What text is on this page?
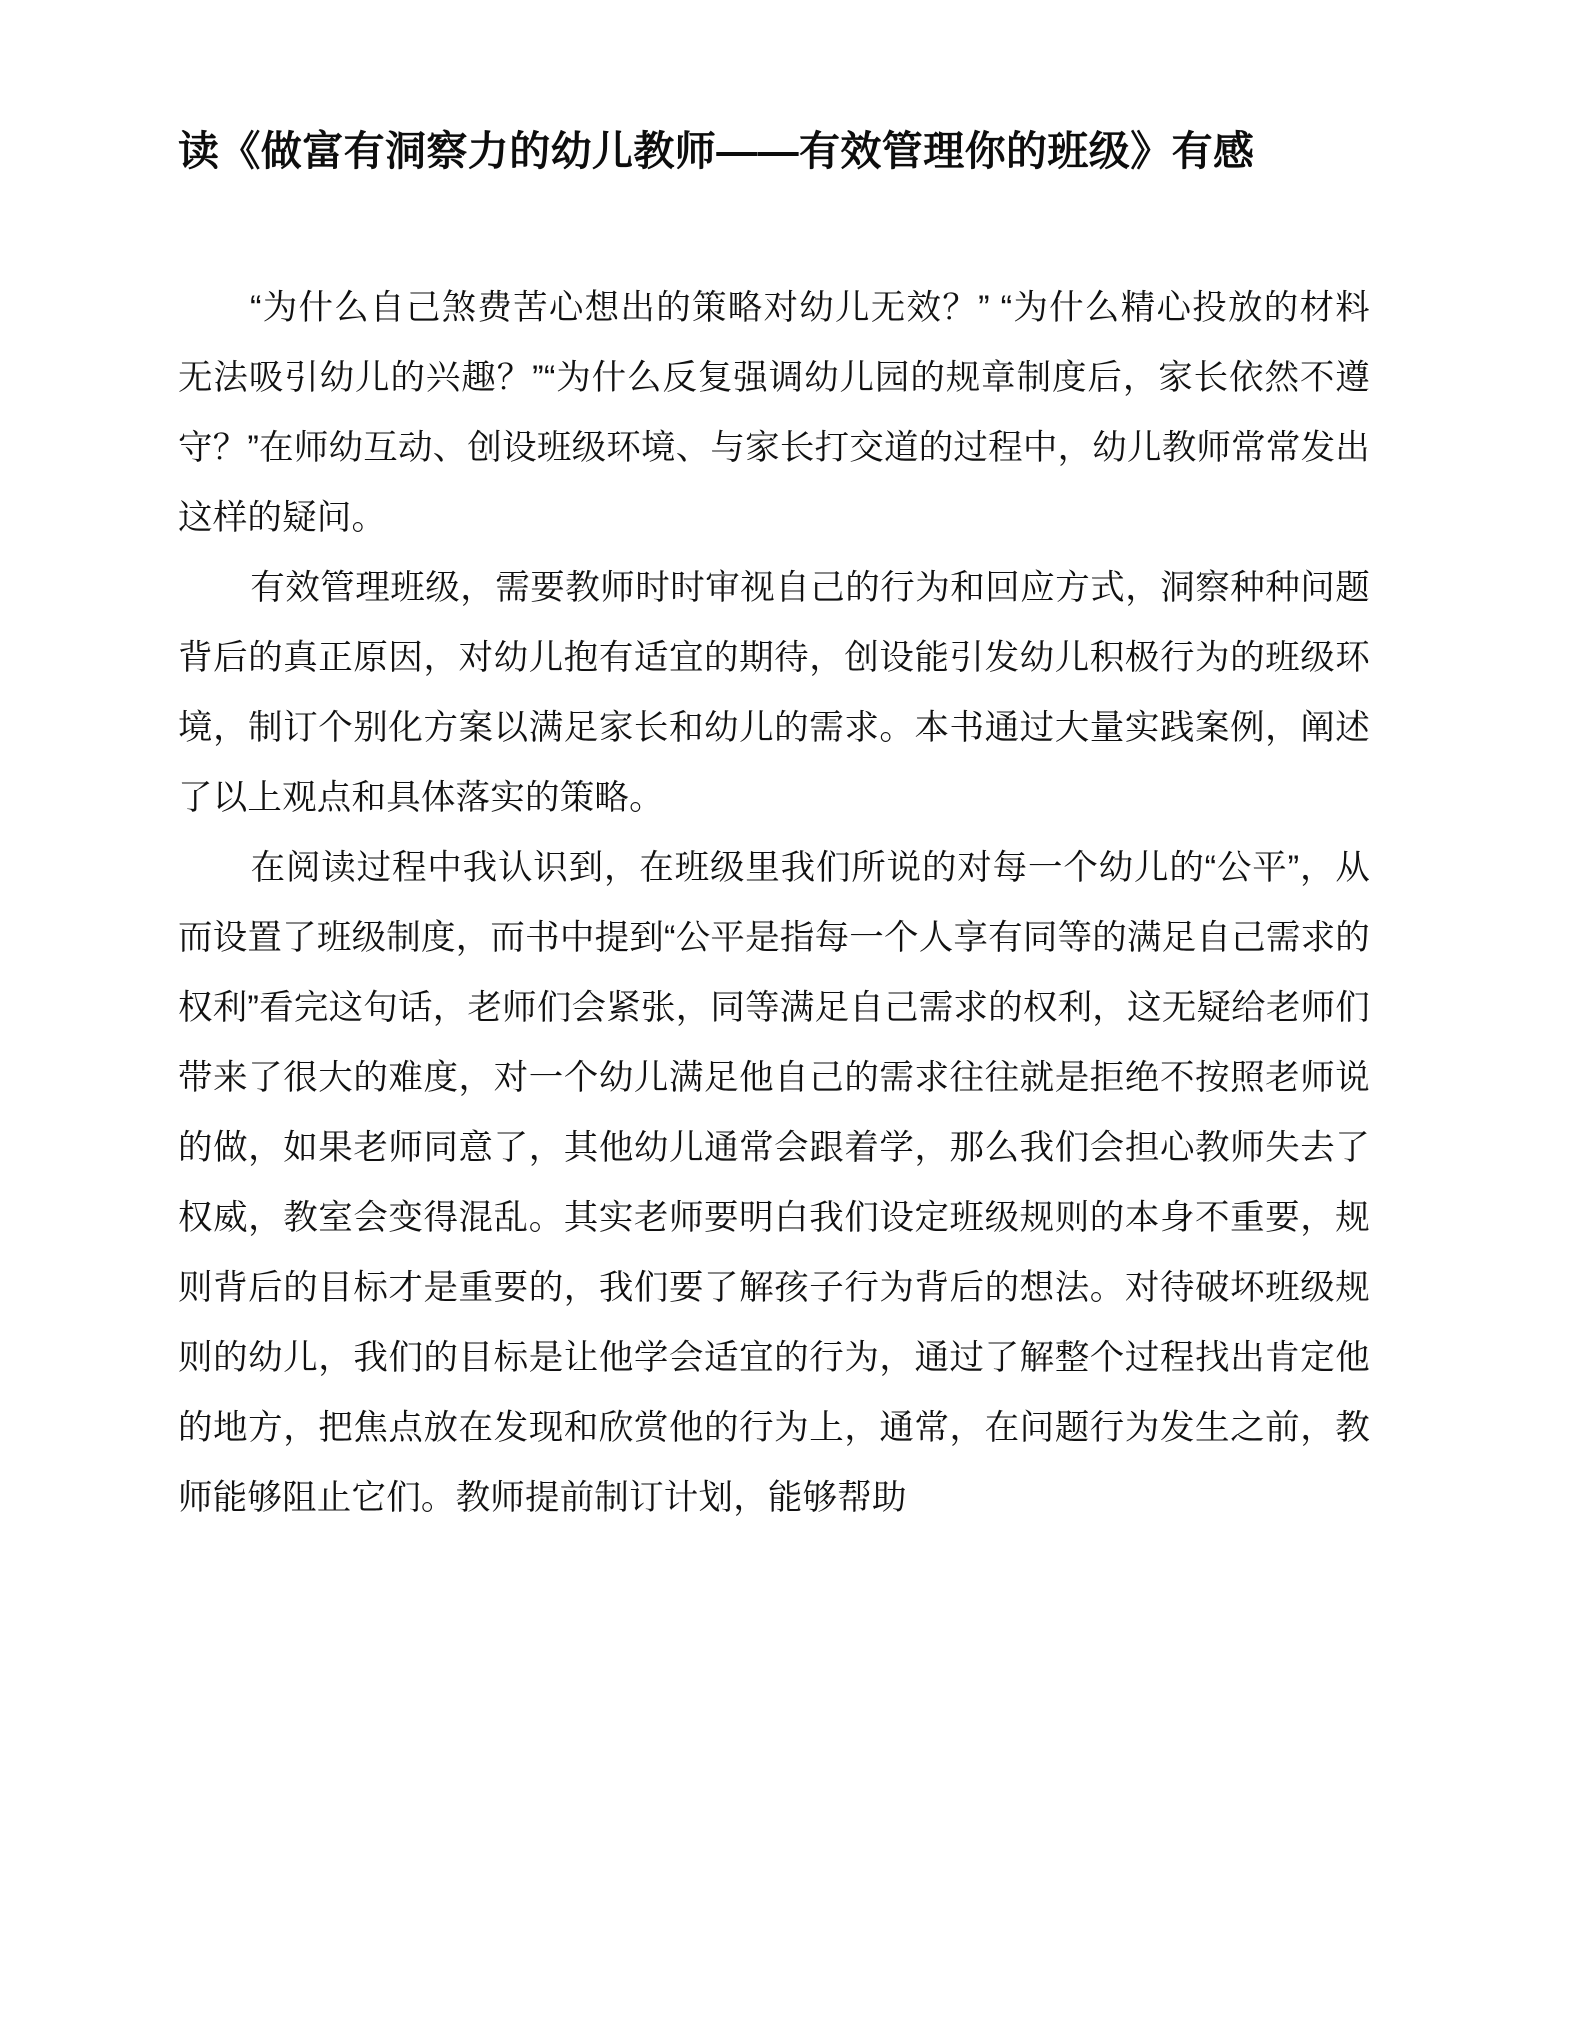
读《做富有洞察力的幼儿教师——有效管理你的班级》有感

“为什么自己煞费苦心想出的策略对幼儿无效？” “为什么精心投放的材料无法吸引幼儿的兴趣？”“为什么反复强调幼儿园的规章制度后，家长依然不遵守？”在师幼互动、创设班级环境、与家长打交道的过程中，幼儿教师常常发出这样的疑问。

有效管理班级，需要教师时时审视自己的行为和回应方式，洞察种种问题背后的真正原因，对幼儿抱有适宜的期待，创设能引发幼儿积极行为的班级环境，制订个别化方案以满足家长和幼儿的需求。本书通过大量实践案例，阐述了以上观点和具体落实的策略。

在阅读过程中我认识到，在班级里我们所说的对每一个幼儿的“公平”，从而设置了班级制度，而书中提到“公平是指每一个人享有同等的满足自己需求的权利”看完这句话，老师们会紧张，同等满足自己需求的权利，这无疑给老师们带来了很大的难度，对一个幼儿满足他自己的需求往往就是拒绝不按照老师说的做，如果老师同意了，其他幼儿通常会跟着学，那么我们会担心教师失去了权威，教室会变得混乱。其实老师要明白我们设定班级规则的本身不重要，规则背后的目标才是重要的，我们要了解孩子行为背后的想法。对待破坏班级规则的幼儿，我们的目标是让他学会适宜的行为，通过了解整个过程找出肯定他的地方，把焦点放在发现和欣赏他的行为上，通常，在问题行为发生之前，教师能够阻止它们。教师提前制订计划，能够帮助
